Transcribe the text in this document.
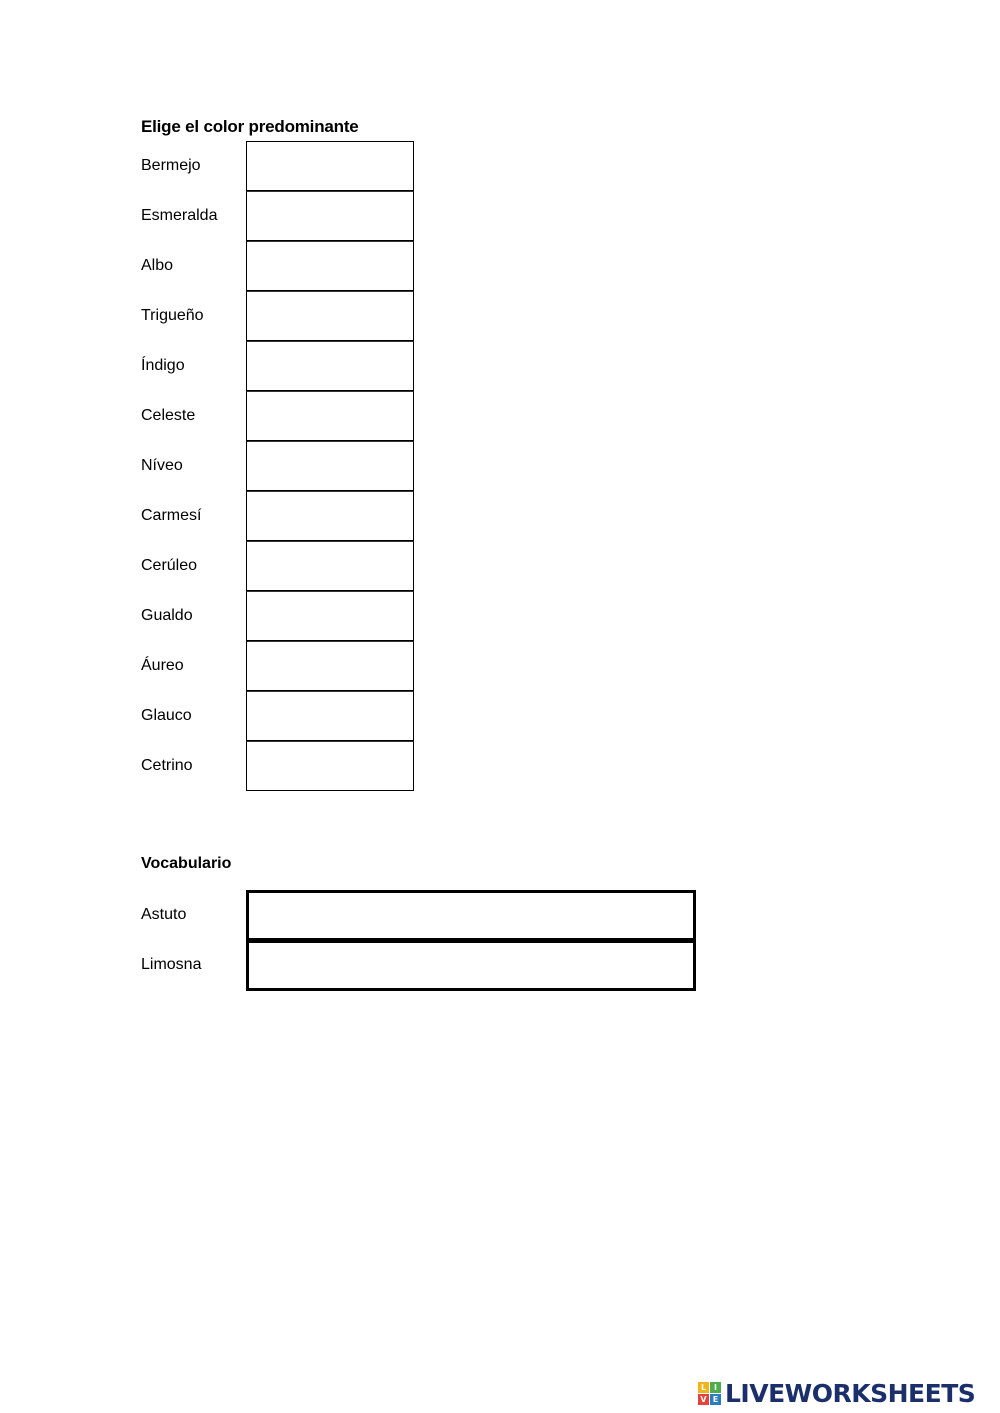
Elige el color predominante
Bermejo
Esmeralda
Albo
Trigueño
Índigo
Celeste
Níveo
Carmesí
Cerúleo
Gualdo
Áureo
Glauco
Cetrino
Vocabulario
Astuto
Limosna
L I
V E LIVEWORKSHEETS
